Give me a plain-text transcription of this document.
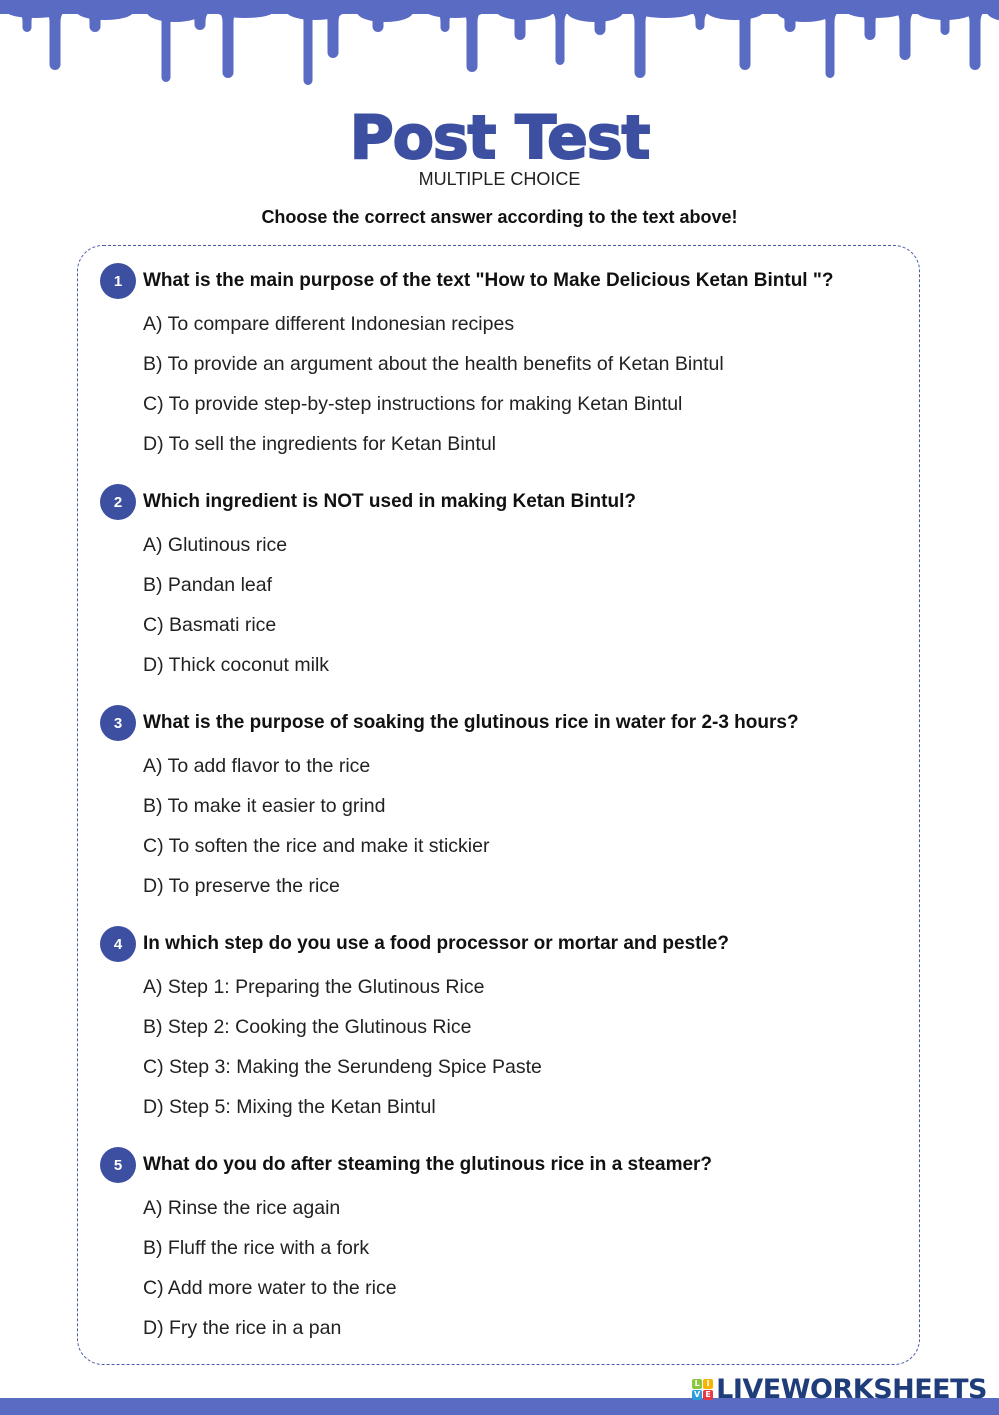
Post Test
MULTIPLE CHOICE
Choose the correct answer according to the text above!
1	What is the main purpose of the text "How to Make Delicious Ketan Bintul "?
A) To compare different Indonesian recipes
B) To provide an argument about the health benefits of Ketan Bintul
C) To provide step-by-step instructions for making Ketan Bintul
D) To sell the ingredients for Ketan Bintul
2	Which ingredient is NOT used in making Ketan Bintul?
A) Glutinous rice
B) Pandan leaf
C) Basmati rice
D) Thick coconut milk
3	What is the purpose of soaking the glutinous rice in water for 2-3 hours?
A) To add flavor to the rice
B) To make it easier to grind
C) To soften the rice and make it stickier
D) To preserve the rice
4	In which step do you use a food processor or mortar and pestle?
A) Step 1: Preparing the Glutinous Rice
B) Step 2: Cooking the Glutinous Rice
C) Step 3: Making the Serundeng Spice Paste
D) Step 5: Mixing the Ketan Bintul
5	What do you do after steaming the glutinous rice in a steamer?
A) Rinse the rice again
B) Fluff the rice with a fork
C) Add more water to the rice
D) Fry the rice in a pan
L I
V E LIVEWORKSHEETS
